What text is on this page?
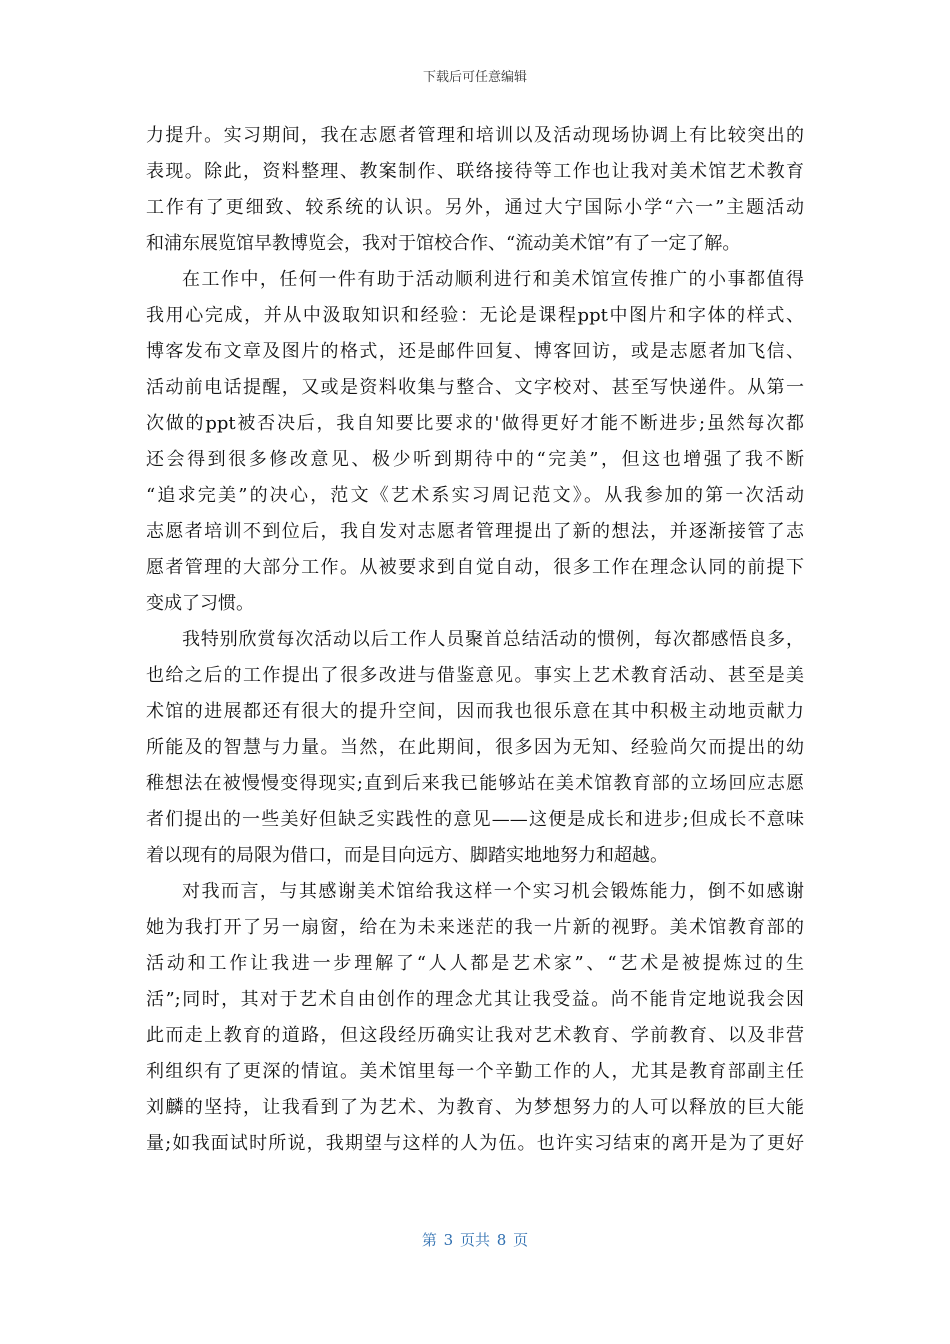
下载后可任意编辑
力提升。实习期间，我在志愿者管理和培训以及活动现场协调上有比较突出的
表现。除此，资料整理、教案制作、联络接待等工作也让我对美术馆艺术教育
工作有了更细致、较系统的认识。另外，通过大宁国际小学“六一”主题活动
和浦东展览馆早教博览会，我对于馆校合作、“流动美术馆”有了一定了解。
在工作中，任何一件有助于活动顺利进行和美术馆宣传推广的小事都值得
我用心完成，并从中汲取知识和经验：无论是课程ppt中图片和字体的样式、
博客发布文章及图片的格式，还是邮件回复、博客回访，或是志愿者加飞信、
活动前电话提醒，又或是资料收集与整合、文字校对、甚至写快递件。从第一
次做的ppt被否决后，我自知要比要求的'做得更好才能不断进步;虽然每次都
还会得到很多修改意见、极少听到期待中的“完美”，但这也增强了我不断
“追求完美”的决心，范文《艺术系实习周记范文》。从我参加的第一次活动
志愿者培训不到位后，我自发对志愿者管理提出了新的想法，并逐渐接管了志
愿者管理的大部分工作。从被要求到自觉自动，很多工作在理念认同的前提下
变成了习惯。
我特别欣赏每次活动以后工作人员聚首总结活动的惯例，每次都感悟良多，
也给之后的工作提出了很多改进与借鉴意见。事实上艺术教育活动、甚至是美
术馆的进展都还有很大的提升空间，因而我也很乐意在其中积极主动地贡献力
所能及的智慧与力量。当然，在此期间，很多因为无知、经验尚欠而提出的幼
稚想法在被慢慢变得现实;直到后来我已能够站在美术馆教育部的立场回应志愿
者们提出的一些美好但缺乏实践性的意见——这便是成长和进步;但成长不意味
着以现有的局限为借口，而是目向远方、脚踏实地地努力和超越。
对我而言，与其感谢美术馆给我这样一个实习机会锻炼能力，倒不如感谢
她为我打开了另一扇窗，给在为未来迷茫的我一片新的视野。美术馆教育部的
活动和工作让我进一步理解了“人人都是艺术家”、“艺术是被提炼过的生
活”;同时，其对于艺术自由创作的理念尤其让我受益。尚不能肯定地说我会因
此而走上教育的道路，但这段经历确实让我对艺术教育、学前教育、以及非营
利组织有了更深的情谊。美术馆里每一个辛勤工作的人，尤其是教育部副主任
刘麟的坚持，让我看到了为艺术、为教育、为梦想努力的人可以释放的巨大能
量;如我面试时所说，我期望与这样的人为伍。也许实习结束的离开是为了更好
第 3 页共 8 页
